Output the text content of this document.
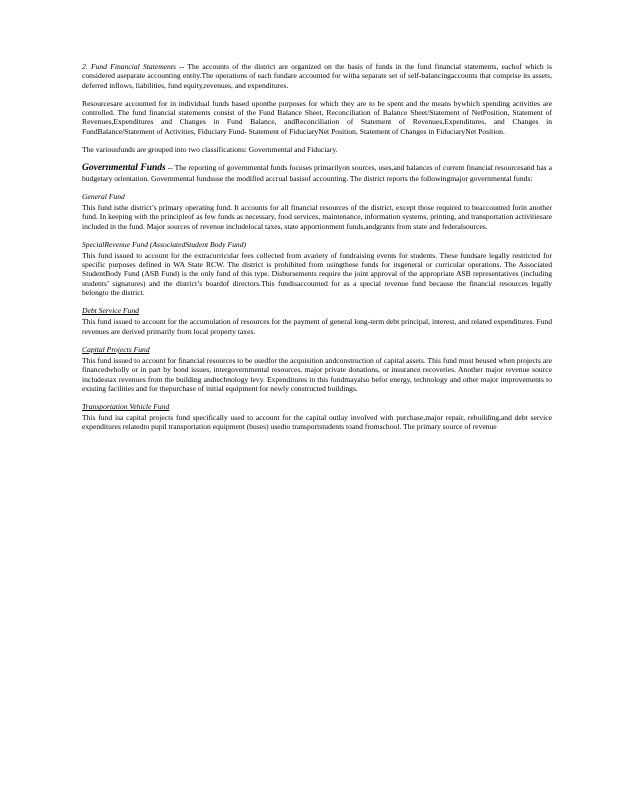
2. Fund Financial Statements -- The accounts of the district are organized on the basis of funds in the fund financial statements, eachof which is considered aseparate accounting entity.The operations of each fundare accounted for witha separate set of self-balancingaccounts that comprise its assets, deferred inflows, liabilities, fund equity,revenues, and expenditures.

Resourcesare accounted for in individual funds based uponthe purposes for which they are to be spent and the means bywhich spending activities are controlled. The fund financial statements consist of the Fund Balance Sheet, Reconciliation of Balance Sheet/Statement of NetPosition, Statement of Revenues,Expenditures and Changes in Fund Balance, andReconciliation of Statement of Revenues,Expenditures, and Changes in FundBalance/Statement of Activities, Fiduciary Fund- Statement of FiduciaryNet Position, Statement of Changes in FiduciaryNet Position.

The variousfunds are grouped into two classifications: Governmental and Fiduciary.

Governmental Funds -- The reporting of governmental funds focuses primarilyon sources, uses,and balances of current financial resourcesand has a budgetary orientation. Governmental fundsuse the modified accrual basisof accounting. The district reports the followingmajor governmental funds:

General Fund

This fund isthe district’s primary operating fund. It accounts for all financial resources of the district, except those required to beaccounted forin another fund. In keeping with the principleof as few funds as necessary, food services, maintenance, information systems, printing, and transportation activitiesare included in the fund. Major sources of revenue includelocal taxes, state apportionment funds,andgrants from state and federalsources.

SpecialRevenue Fund (AssociatedStudent Body Fund)

This fund issued to account for the extracurricular fees collected from avariety of fundraising events for students. These fundsare legally restricted for specific purposes defined in WA State RCW. The district is prohibited from usingthese funds for itsgeneral or curricular operations. The Associated StudentBody Fund (ASB Fund) is the only fund of this type. Disbursements require the joint approval of the appropriate ASB representatives (including students’ signatures) and the district’s boardof directors.This fundisaccounted for as a special revenue fund because the financial resources legally belongto the district.

Debt Service Fund

This fund issued to account for the accumulation of resources for the payment of general long-term debt principal, interest, and related expenditures. Fund revenues are derived primarily from local property taxes.

Capital Projects Fund

This fund issued to account for financial resources to be usedfor the acquisition andconstruction of capital assets. This fund must beused when projects are financedwholly or in part by bond issues, intergovernmental resources, major private donations, or insurance recoveries. Another major revenue source includestax revenues from the building andtechnology levy. Expenditures in this fundmayalso befor energy, technology and other major improvements to existing facilities and for thepurchase of initial equipment for newly constructed buildings.

Transportation Vehicle Fund

This fund isa capital projects fund specifically used to account for the capital outlay involved with purchase,major repair, rebuilding,and debt service expenditures relatedto pupil transportation equipment (buses) usedto transportstudents toand fromschool. The primary source of revenue
